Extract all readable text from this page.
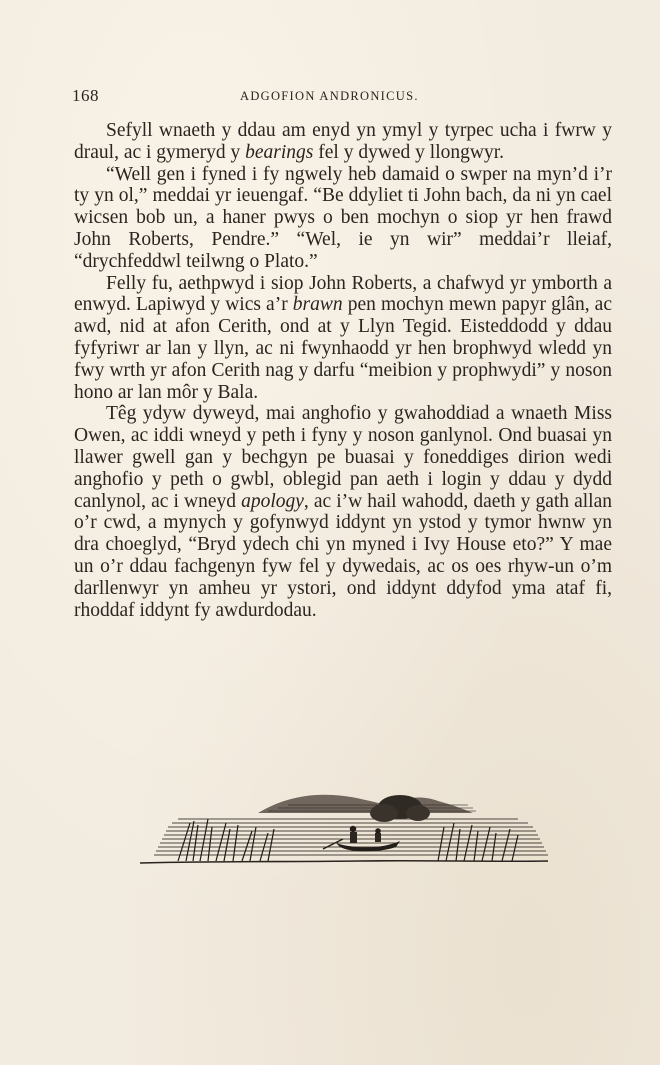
168	ADGOFION ANDRONICUS.

Sefyll wnaeth y ddau am enyd yn ymyl y tyrpec ucha i fwrw y draul, ac i gymeryd y bearings fel y dywed y llongwyr.

“Well gen i fyned i fy ngwely heb damaid o swper na myn’d i’r ty yn ol,” meddai yr ieuengaf. “Be ddyliet ti John bach, da ni yn cael wicsen bob un, a haner pwys o ben mochyn o siop yr hen frawd John Roberts, Pendre.” “Wel, ie yn wir” meddai’r lleiaf, “drychfeddwl teilwng o Plato.”

Felly fu, aethpwyd i siop John Roberts, a chafwyd yr ymborth a enwyd. Lapiwyd y wics a’r brawn pen mochyn mewn papyr glân, ac awd, nid at afon Cerith, ond at y Llyn Tegid. Eisteddodd y ddau fyfyriwr ar lan y llyn, ac ni fwynhaodd yr hen brophwyd wledd yn fwy wrth yr afon Cerith nag y darfu “meibion y prophwydi” y noson hono ar lan môr y Bala.

Têg ydyw dyweyd, mai anghofio y gwahoddiad a wnaeth Miss Owen, ac iddi wneyd y peth i fyny y noson ganlynol. Ond buasai yn llawer gwell gan y bechgyn pe buasai y foneddiges dirion wedi anghofio y peth o gwbl, oblegid pan aeth i login y ddau y dydd canlynol, ac i wneyd apology, ac i’w hail wahodd, daeth y gath allan o’r cwd, a mynych y gofynwyd iddynt yn ystod y tymor hwnw yn dra choeglyd, “Bryd ydech chi yn myned i Ivy House eto?” Y mae un o’r ddau fachgenyn fyw fel y dywedais, ac os oes rhyw-un o’m darllenwyr yn amheu yr ystori, ond iddynt ddyfod yma ataf fi, rhoddaf iddynt fy awdurdodau.
